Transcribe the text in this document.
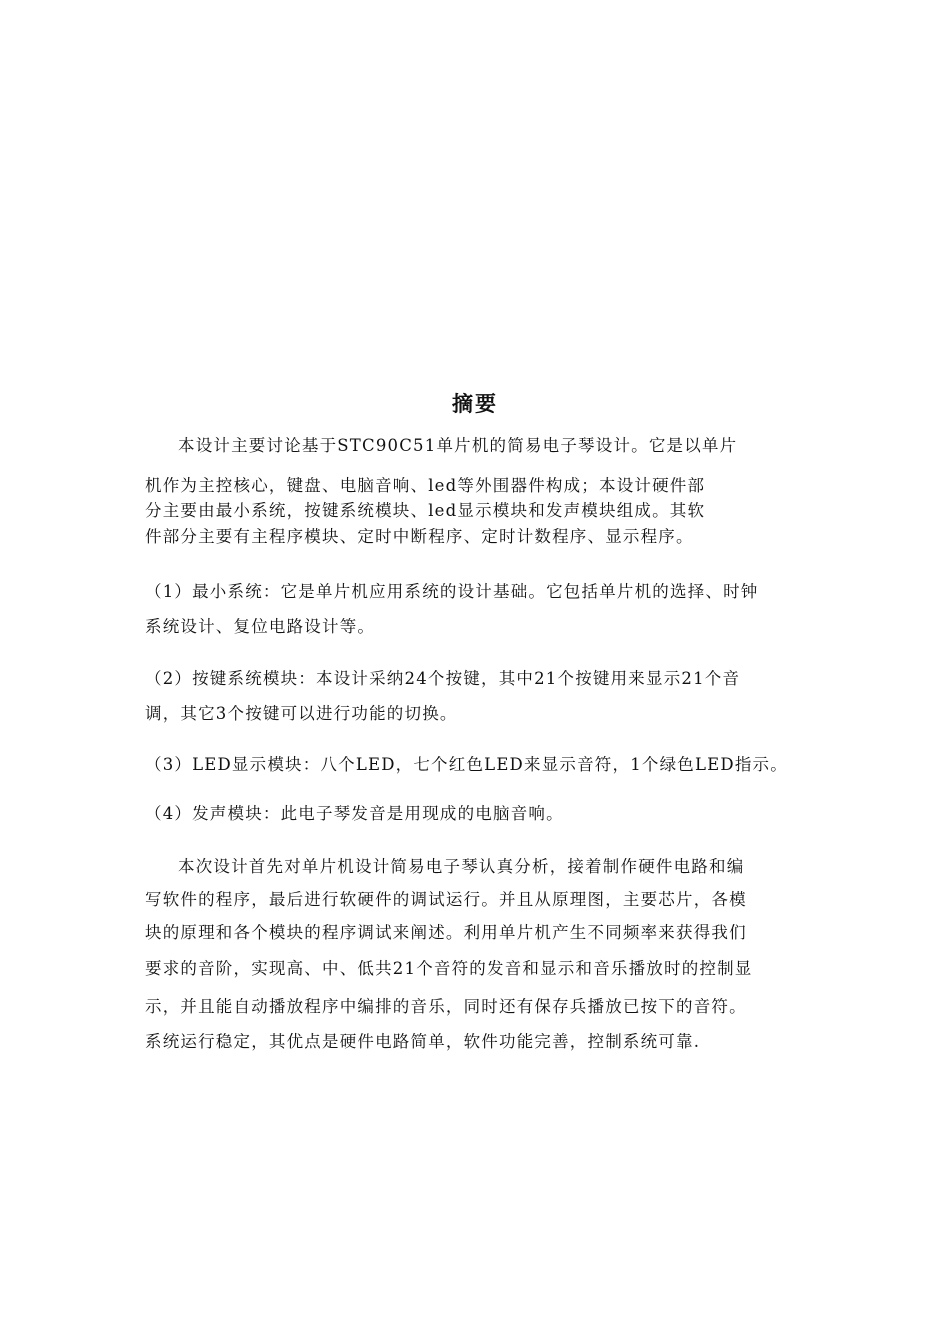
摘要
本设计主要讨论基于STC90C51单片机的简易电子琴设计。它是以单片
机作为主控核心，键盘、电脑音响、led等外围器件构成；本设计硬件部
分主要由最小系统，按键系统模块、led显示模块和发声模块组成。其软
件部分主要有主程序模块、定时中断程序、定时计数程序、显示程序。
（1）最小系统：它是单片机应用系统的设计基础。它包括单片机的选择、时钟
系统设计、复位电路设计等。
（2）按键系统模块：本设计采纳24个按键，其中21个按键用来显示21个音
调，其它3个按键可以进行功能的切换。
（3）LED显示模块：八个LED，七个红色LED来显示音符，1个绿色LED指示。
（4）发声模块：此电子琴发音是用现成的电脑音响。
本次设计首先对单片机设计简易电子琴认真分析，接着制作硬件电路和编
写软件的程序，最后进行软硬件的调试运行。并且从原理图，主要芯片，各模
块的原理和各个模块的程序调试来阐述。利用单片机产生不同频率来获得我们
要求的音阶，实现高、中、低共21个音符的发音和显示和音乐播放时的控制显
示，并且能自动播放程序中编排的音乐，同时还有保存兵播放已按下的音符。
系统运行稳定，其优点是硬件电路简单，软件功能完善，控制系统可靠.
